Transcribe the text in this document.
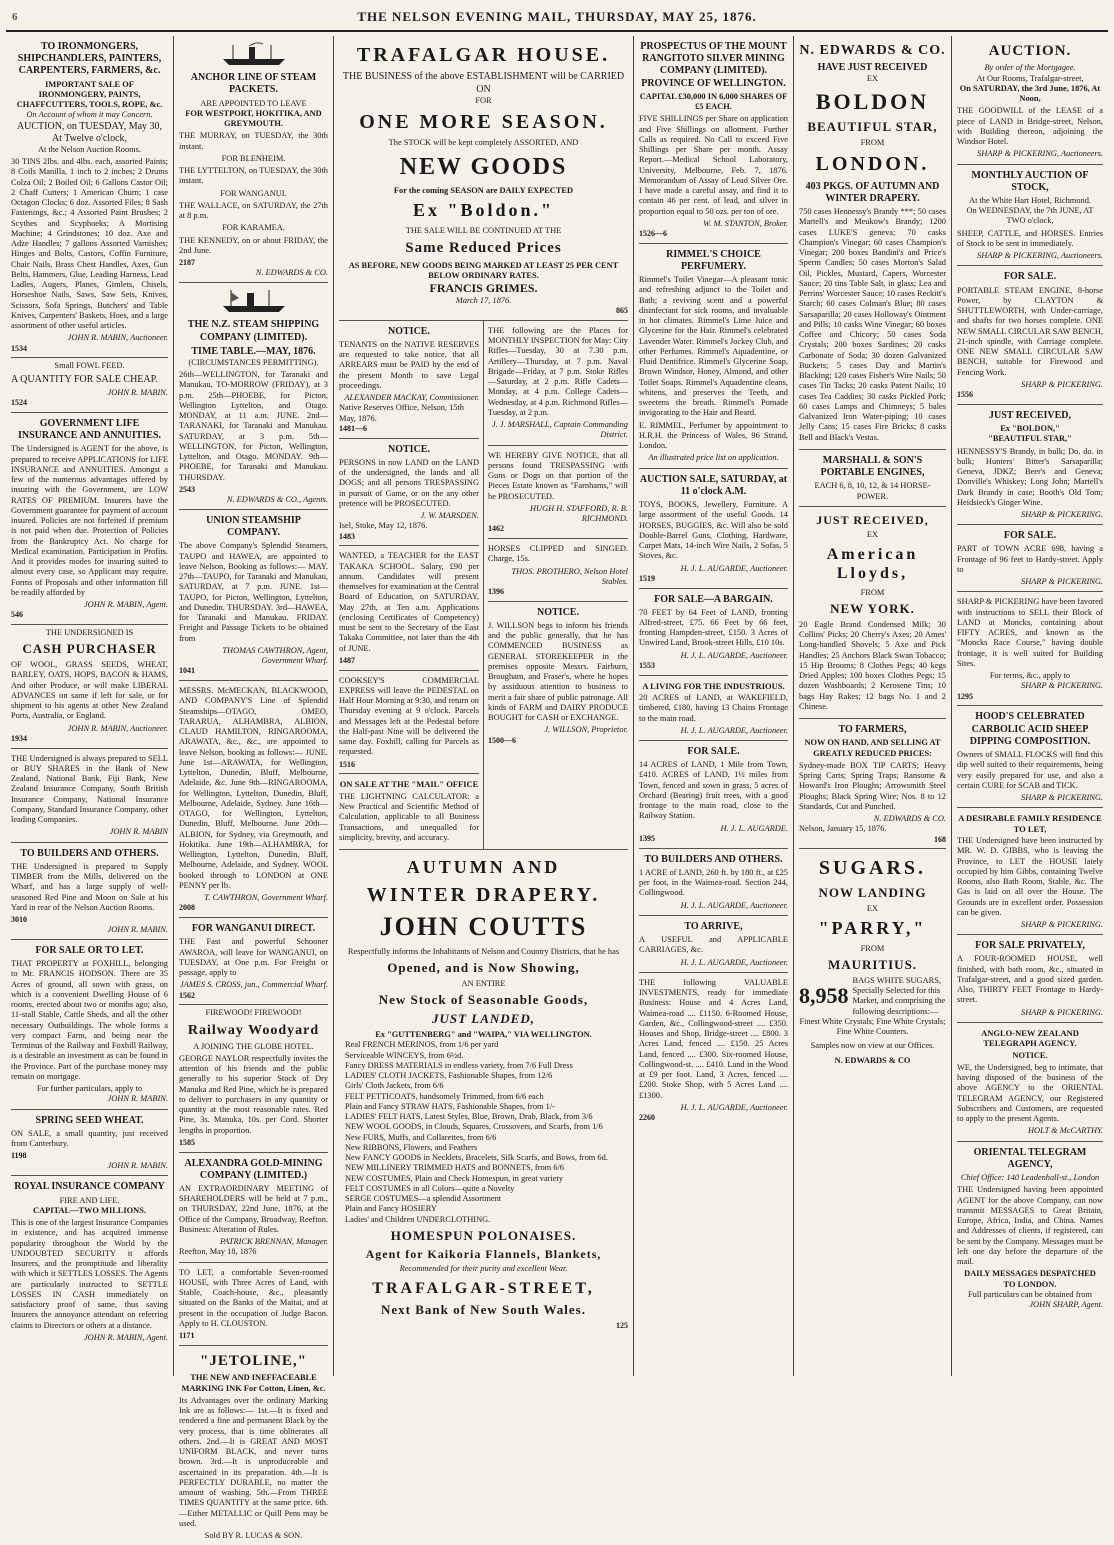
6	THE NELSON EVENING MAIL, THURSDAY, MAY 25, 1876.
TO IRONMONGERS, SHIPCHANDLERS, PAINTERS, CARPENTERS, FARMERS, &c.
IMPORTANT SALE OF IRONMONGERY, PAINTS, CHAFFCUTTERS, TOOLS, ROPE, &c.
On Account of whom it may Concern.
AUCTION, on TUESDAY, May 30, At Twelve o'clock,
At the Nelson Auction Rooms.
30 TINS 2lbs. and 4lbs. each, assorted Paints; 8 Coils Manilla, 1 inch to 2 inches; 2 Drums Colza Oil; 2 Boiled Oil; 6 Gallons Castor Oil; 2 Chaff Cutters; 1 American Churn; 1 case Octagon Clocks; 6 doz. Assorted Files; 8 Sash Fastenings, &c.; 4 Assorted Paint Brushes; 2 Scythes and Scyphoeks; A Mortising Machine; 4 Grindstones; 10 doz. Axe and Adze Handles; 7 gallons Assorted Varnishes; Hinges and Bolts, Castors, Coffin Furniture, Chair Nails, Brass Chest Handles, Axes, Gun Belts, Hammers, Glue, Leading Harness, Lead Ladles, Augers, Planes, Gimlets, Chisels, Horseshoe Nails, Saws, Saw Sets, Knives, Scissors, Sofa Springs, Butchers' and Table Knives, Carpenters' Baskets, Hoes, and a large assortment of other useful articles.
JOHN R. MABIN, Auctioneer.
1534
Small FOWL FEED.
A QUANTITY FOR SALE CHEAP.
JOHN R. MABIN.
1524
GOVERNMENT LIFE INSURANCE AND ANNUITIES.
The Undersigned is AGENT for the above, is prepared to receive APPLICATIONS for LIFE INSURANCE and ANNUITIES. Amongst a few of the numerous advantages offered by insuring with the Government, are LOW RATES OF PREMIUM. Insurers have the Government guarantee for payment of account insured. Policies are not forfeited if premium is not paid when due. Protection of Policies from the Bankruptcy Act. No charge for Medical examination. Participation in Profits. And it provides modes for insuring suited to almost every case, so Applicant may require. Forms of Proposals and other information fill be readily afforded by
JOHN R. MABIN, Agent.
546
THE UNDERSIGNED IS
CASH PURCHASER
OF WOOL, GRASS SEEDS, WHEAT, BARLEY, OATS, HOPS, BACON & HAMS, And other Produce, or will make LIBERAL ADVANCES on same if left for sale, or for shipment to his agents at other New Zealand Ports, Australia, or England.
JOHN R. MABIN, Auctioneer.
1934
THE Undersigned is always prepared to SELL or BUY SHARES in the Bank of New Zealand, National Bank, Fiji Bank, New Zealand Insurance Company, South British Insurance Company, National Insurance Company, Standard Insurance Company, other leading Companies.
JOHN R. MABIN
TO BUILDERS AND OTHERS.
THE Undersigned is prepared to Supply TIMBER from the Mills, delivered on the Wharf, and has a large supply of well-seasoned Red Pine and Moon on Sale at his Yard in rear of the Nelson Auction Rooms.
3010
JOHN R. MABIN.
FOR SALE OR TO LET.
THAT PROPERTY at FOXHILL, belonging to Mr. FRANCIS HODSON. There are 35 Acres of ground, all sown with grass, on which is a convenient Dwelling House of 6 rooms, erected about two or months ago; also, 11-stall Stable, Cattle Sheds, and all the other necessary Outbuildings. The whole forms a very compact Farm, and being near the Terminus of the Railway and Foxhill Railway, is a desirable an investment as can be found in the Province. Part of the purchase money may remain on mortgage.
For further particulars, apply to
JOHN R. MABIN.
SPRING SEED WHEAT.
ON SALE, a small quantity, just received from Canterbury.
1198
JOHN R. MABIN.
ROYAL INSURANCE COMPANY
FIRE AND LIFE.
CAPITAL—TWO MILLIONS.
This is one of the largest Insurance Companies in existence, and has acquired immense popularity throughout the World by the UNDOUBTED SECURITY it affords Insurers, and the promptitude and liberality with which it SETTLES LOSSES. The Agents are particularly instructed to SETTLE LOSSES IN CASH immediately on satisfactory proof of same, thus saving Insurers the annoyance attendant on referring claims to Directors or others at a distance.
JOHN R. MABIN, Agent.
ANCHOR LINE OF STEAM PACKETS.
ARE APPOINTED TO LEAVE
FOR WESTPORT, HOKITIKA, AND GREYMOUTH.
THE MURRAY, on TUESDAY, the 30th instant.
FOR BLENHEIM.
THE LYTTELTON, on TUESDAY, the 30th instant.
FOR WANGANUI.
THE WALLACE, on SATURDAY, the 27th at 8 p.m.
FOR KARAMEA.
THE KENNEDY, on or about FRIDAY, the 2nd June.
2187
N. EDWARDS & CO.
THE N.Z. STEAM SHIPPING COMPANY (LIMITED).
TIME TABLE.—MAY, 1876.
(CIRCUMSTANCES PERMITTING).
26th—WELLINGTON, for Taranaki and Manukau, TO-MORROW (FRIDAY), at 3 p.m. 25th—PHOEBE, for Picton, Wellington Lyttelton, and Otago. MONDAY, at 11 a.m. JUNE. 2nd—TARANAKI, for Taranaki and Manukau. SATURDAY, at 3 p.m. 5th—WELLINGTON, for Picton, Wellington, Lyttelton, and Otago. MONDAY. 9th—PHOEBE, for Taranaki and Manukau. THURSDAY.
2543
N. EDWARDS & CO., Agents.
UNION STEAMSHIP COMPANY.
The above Company's Splendid Steamers, TAUPO and HAWEA, are appointed to leave Nelson, Booking as follows:— MAY. 27th—TAUPO, for Taranaki and Manukau, SATURDAY, at 7 p.m. JUNE. 1st—TAUPO, for Picton, Wellington, Lyttelton, and Dunedin. THURSDAY. 3rd—HAWEA, for Taranaki and Manukau. FRIDAY. Freight and Passage Tickets to be obtained from
THOMAS CAWTHRON, Agent, Government Wharf.
1041
MESSRS. McMECKAN, BLACKWOOD, AND COMPANY'S Line of Splendid Steamships—OTAGO, OMEO, TARARUA, ALHAMBRA, ALBION, CLAUD HAMILTON, RINGAROOMA, ARAWATA, &c., &c., are appointed to leave Nelson, booking as follows:— JUNE. June 1st—ARAWATA, for Wellington, Lyttelton, Dunedin, Bluff, Melbourne, Adelaide, &c. June 9th—RINGAROOMA, for Wellington, Lyttelton, Dunedin, Bluff, Melbourne, Adelaide, Sydney. June 16th—OTAGO, for Wellington, Lyttelton, Dunedin, Bluff, Melbourne. June 20th—ALBION, for Sydney, via Greymouth, and Hokitika. June 19th—ALHAMBRA, for Wellington, Lyttelton, Dunedin, Bluff, Melbourne, Adelaide, and Sydney. WOOL booked through to LONDON at ONE PENNY per lb.
T. CAWTHRON, Government Wharf.
2008
FOR WANGANUI DIRECT.
THE Fast and powerful Schooner AWAROA, will leave for WANGANUI, on TUESDAY, at One p.m. For Freight or passage, apply to
JAMES S. CROSS, jun., Commercial Wharf.
1562
FIREWOOD! FIREWOOD!
Railway Woodyard
A JOINING THE GLOBE HOTEL.
GEORGE NAYLOR respectfully invites the attention of his friends and the public generally to his superior Stock of Dry Manuka and Red Pine, which he is prepared to deliver to purchasers in any quantity or quantity at the most reasonable rates. Red Pine, 3s. Manuka, 10s. per Cord. Shorter lengths in proportion.
1585
ALEXANDRA GOLD-MINING COMPANY (LIMITED.)
AN EXTRAORDINARY MEETING of SHAREHOLDERS will be held at 7 p.m., on THURSDAY, 22nd June, 1876, at the Office of the Company, Broadway, Reefton. Business: Alteration of Rules.
PATRICK BRENNAN, Manager.
Reefton, May 18, 1876
TO LET, a comfortable Seven-roomed HOUSE, with Three Acres of Land, with Stable, Coach-house, &c., pleasantly situated on the Banks of the Maitai, and at present in the occupation of Judge Bacon. Apply to H. CLOUSTON.
1171
"JETOLINE,"
THE NEW AND INEFFACEABLE MARKING INK For Cotton, Linen, &c.
Its Advantages over the ordinary Marking Ink are as follows:— 1st.—It is fixed and rendered a fine and permanent Black by the very process, that is time obliterates all others. 2nd.—It is GREAT AND MOST UNIFORM BLACK, and never turns brown. 3rd.—It is unproduceable and ascertained in its preparation. 4th.—It is PERFECTLY DURABLE, no matter the amount of washing. 5th.—From THREE TIMES QUANTITY at the same price. 6th.—Either METALLIC or Quill Pens may be used.
Sold BY R. LUCAS & SON.
TRAFALGAR HOUSE.
THE BUSINESS of the above ESTABLISHMENT will be CARRIED ON
FOR
ONE MORE SEASON.
The STOCK will be kept completely ASSORTED, AND
NEW GOODS
For the coming SEASON are DAILY EXPECTED
Ex "Boldon."
THE SALE WILL BE CONTINUED AT THE
Same Reduced Prices
AS BEFORE, NEW GOODS BEING MARKED AT LEAST 25 PER CENT BELOW ORDINARY RATES.
FRANCIS GRIMES.
March 17, 1876.
865
NOTICE.
TENANTS on the NATIVE RESERVES are requested to take notice, that all ARREARS must be PAID by the end of the present Month to save Legal proceedings.
ALEXANDER MACKAY, Commissioner.
Native Reserves Office, Nelson, 15th May, 1876.
1481—6
NOTICE.
PERSONS in now LAND on the LAND of the undersigned, the lands and all DOGS; and all persons TRESPASSING in pursuit of Game, or on the any other pretence will be PROSECUTED.
J. W. MARSDEN.
Isel, Stoke, May 12, 1876.
1483
WANTED, a TEACHER for the EAST TAKAKA SCHOOL. Salary, £90 per annum. Candidates will present themselves for examination at the Central Board of Education, on SATURDAY, May 27th, at Ten a.m. Applications (enclosing Certificates of Competency) must be sent to the Secretary of the East Takaka Committee, not later than the 4th of JUNE.
1487
COOKSEY'S COMMERCIAL EXPRESS will leave the PEDESTAL on Half Hour Morning at 9:30, and return on Thursday evening at 9 o'clock. Parcels and Messages left at the Pedestal before the Half-past Nine will be delivered the same day. Foxhill, calling for Parcels as requested.
1516
ON SALE AT THE "MAIL" OFFICE
THE LIGHTNING CALCULATOR: a New Practical and Scientific Method of Calculation, applicable to all Business Transactions, and unequalled for simplicity, brevity, and accuracy.
THE following are the Places for MONTHLY INSPECTION for May: City Rifles—Tuesday, 30 at 7.30 p.m. Artillery—Thursday, at 7 p.m. Naval Brigade—Friday, at 7 p.m. Stoke Rifles—Saturday, at 2 p.m. Rifle Cadets—Monday, at 4 p.m. College Cadets—Wednesday, at 4 p.m. Richmond Rifles—Tuesday, at 2 p.m.
J. J. MARSHALL, Captain Commanding District.
WE HEREBY GIVE NOTICE, that all persons found TRESPASSING with Guns or Dogs on that portion of the Pieces Estate known as "Farnhams," will be PROSECUTED.
HUGH H. STAFFORD, R. B. RICHMOND.
1462
HORSES CLIPPED and SINGED. Charge, 15s.
THOS. PROTHERO, Nelson Hotel Stables.
1396
NOTICE.
J. WILLSON begs to inform his friends and the public generally, that he has COMMENCED BUSINESS as GENERAL STOREKEEPER in the premises opposite Messrs. Fairburn, Brougham, and Fraser's, where he hopes by assiduous attention to business to merit a fair share of public patronage. All kinds of FARM and DAIRY PRODUCE BOUGHT for CASH or EXCHANGE.
J. WILLSON, Proprietor.
1500—6
AUTUMN AND
WINTER DRAPERY.
JOHN COUTTS
Respectfully informs the Inhabitants of Nelson and Country Districts, that he has
Opened, and is Now Showing,
AN ENTIRE
New Stock of Seasonable Goods,
JUST LANDED,
Ex "GUTTENBERG" and "WAIPA," VIA WELLINGTON.
Real FRENCH MERINOS, from 1/6 per yard
Serviceable WINCEYS, from 6½d.
Fancy DRESS MATERIALS in endless variety, from 7/6 Full Dress
LADIES' CLOTH JACKETS, Fashionable Shapes, from 12/6
Girls' Cloth Jackets, from 6/6
FELT PETTICOATS, handsomely Trimmed, from 6/6 each
Plain and Fancy STRAW HATS, Fashionable Shapes, from 1/-
LADIES' FELT HATS, Latest Styles, Blue, Brown, Drab, Black, from 3/6
NEW WOOL GOODS, in Clouds, Squares, Crossovers, and Scarfs, from 1/6
New FURS, Muffs, and Collarettes, from 6/6
New RIBBONS, Flowers, and Feathers
New FANCY GOODS in Necklets, Bracelets, Silk Scarfs, and Bows, from 6d.
NEW MILLINERY TRIMMED HATS and BONNETS, from 6/6
NEW COSTUMES, Plain and Check Homespun, in great variety
FELT COSTUMES in all Colors—quite a Novelty
SERGE COSTUMES—a splendid Assortment
Plain and Fancy HOSIERY
Ladies' and Children UNDERCLOTHING.
HOMESPUN POLONAISES.
Agent for Kaikoria Flannels, Blankets,
Recommended for their purity and excellent Wear.
TRAFALGAR-STREET,
Next Bank of New South Wales.
125
PROSPECTUS OF THE MOUNT RANGITOTO SILVER MINING COMPANY (LIMITED). PROVINCE OF WELLINGTON.
CAPITAL £30,000 IN 6,000 SHARES OF £5 EACH.
FIVE SHILLINGS per Share on application and Five Shillings on allotment. Further Calls as required. No Call to exceed Five Shillings per Share per month. Assay Report.—Medical School Laboratory, University, Melbourne, Feb. 7, 1876. Memorandum of Assay of Lead Silver Ore. I have made a careful assay, and find it to contain 46 per cent. of lead, and silver in proportion equal to 50 ozs. per ton of ore.
W. M. STANTON, Broker.
1526—6
RIMMEL'S CHOICE PERFUMERY.
Rimmel's Toilet Vinegar—A pleasant tonic and refreshing adjunct to the Toilet and Bath; a reviving scent and a powerful disinfectant for sick rooms, and invaluable in hot climates. Rimmel's Lime Juice and Glycerine for the Hair. Rimmel's celebrated Lavender Water. Rimmel's Jockey Club, and other Perfumes. Rimmel's Aquadentine, or Fluid Dentifrice. Rimmel's Glycerine Soap, Brown Windsor, Honey, Almond, and other Toilet Soaps. Rimmel's Aquadentine cleans, whitens, and preserves the Teeth, and sweetens the breath. Rimmel's Pomade invigorating to the Hair and Beard.
E. RIMMEL, Perfumer by appointment to H.R.H. the Princess of Wales, 96 Strand, London.
An illustrated price list on application.
AUCTION SALE, SATURDAY, at 11 o'clock A.M.
TOYS, BOOKS, Jewellery, Furniture. A large assortment of the useful Goods. 14 HORSES, BUGGIES, &c. Will also be sold Double-Barrel Guns, Clothing, Hardware, Carpet Mats, 14-inch Wire Nails, 2 Sofas, 5 Stoves, &c.
H. J. L. AUGARDE, Auctioneer.
1519
FOR SALE—A BARGAIN.
70 FEET by 64 Feet of LAND, fronting Alfred-street, £75. 66 Feet by 66 feet, fronting Hampden-street, £150. 3 Acres of Unwired Land, Brook-street Hills, £10 10s.
H. J. L. AUGARDE, Auctioneer.
1553
A LIVING FOR THE INDUSTRIOUS.
20 ACRES of LAND, at WAKEFIELD, timbered, £180, having 13 Chains Frontage to the main road.
H. J. L. AUGARDE, Auctioneer.
FOR SALE.
14 ACRES of LAND, 1 Mile from Town, £410. ACRES of LAND, 1½ miles from Town, fenced and sown in grass, 5 acres of Orchard (Bearing) fruit trees, with a good frontage to the main road, close to the Railway Station.
H. J. L. AUGARDE.
1395
TO BUILDERS AND OTHERS.
1 ACRE of LAND, 260 ft. by 180 ft., at £25 per foot, in the Waimea-road. Section 244, Collingwood.
H. J. L. AUGARDE, Auctioneer.
TO ARRIVE,
A USEFUL and APPLICABLE CARRIAGES, &c.
H. J. L. AUGARDE, Auctioneer.
THE following VALUABLE INVESTMENTS, ready for immediate Business: House and 4 Acres Land, Waimea-road .... £1150. 6-Roomed House, Garden, &c., Collingwood-street .... £350. Houses and Shop, Bridge-street .... £800. 3 Acres Land, fenced .... £150. 25 Acres Land, fenced .... £300. Six-roomed House, Collingwood-st. .... £410. Land in the Wood at £9 per foot. Land, 3 Acres, fenced .... £200. Stoke Shop, with 5 Acres Land .... £1300.
H. J. L. AUGARDE, Auctioneer.
2260
N. EDWARDS & CO.
HAVE JUST RECEIVED
EX
BOLDON
BEAUTIFUL STAR,
FROM
LONDON.
403 PKGS. OF AUTUMN AND WINTER DRAPERY.
750 cases Hennessy's Brandy ***; 50 cases Martell's and Meukow's Brandy; 1200 cases LUKE'S geneva; 70 casks Champion's Vinegar; 60 cases Champion's Vinegar; 200 boxes Bandini's and Price's Sperm Candles; 50 cases Morton's Salad Oil, Pickles, Mustard, Capers, Worcester Sauce; 20 tins Table Salt, in glass; Lea and Perrins' Worcester Sauce; 10 cases Reckitt's Starch; 60 cases Colman's Blue; 80 cases Sarsaparilla; 20 cases Holloway's Ointment and Pills; 10 casks Wine Vinegar; 60 boxes Coffee and Chicory; 50 cases Soda Crystals; 200 boxes Sardines; 20 casks Carbonate of Soda; 30 dozen Galvanized Buckets; 5 cases Day and Martin's Blacking; 120 cases Fisher's Wire Nails; 50 cases Tin Tacks; 20 casks Patent Nails; 10 cases Tea Caddies; 30 casks Pickled Pork; 60 cases Lamps and Chimneys; 5 bales Galvanized Iron Water-piping; 10 cases Jelly Cans; 15 cases Fire Bricks; 8 casks Bell and Black's Vestas.
MARSHALL & SON'S PORTABLE ENGINES,
EACH 6, 8, 10, 12, & 14 HORSE-POWER.
JUST RECEIVED,
EX
American Lloyds,
FROM
NEW YORK.
20 Eagle Brand Condensed Milk; 30 Collins' Picks; 20 Cherry's Axes; 20 Ames' Long-handled Shovels; 5 Axe and Pick Handles; 25 Anchors Black Swan Tobacco; 15 Hip Brooms; 8 Clothes Pegs; 40 kegs Dried Apples; 100 boxes Clothes Pegs; 15 dozen Washboards; 2 Kerosene Tins; 10 bags Hay Rakes; 12 bags No. 1 and 2 Chinese.
TO FARMERS,
NOW ON HAND, AND SELLING AT GREATLY REDUCED PRICES:
Sydney-made BOX TIP CARTS; Heavy Spring Carts; Spring Traps; Ransome & Howard's Iron Ploughs; Arrowsmith Steel Ploughs; Black Spring Wire; Nos. 8 to 12 Standards, Cut and Punched.
N. EDWARDS & CO.
Nelson, January 15, 1876.
168
SUGARS.
NOW LANDING
EX
"PARRY,"
FROM
MAURITIUS.
8,958
BAGS WHITE SUGARS, Specially Selected for this Market, and comprising the following descriptions:—
Finest White Crystals; Fine White Crystals; Fine White Counters.
Samples now on view at our Offices.
N. EDWARDS & CO
AUCTION.
By order of the Mortgagee.
At Our Rooms, Trafalgar-street,
On SATURDAY, the 3rd June, 1876, At Noon,
THE GOODWILL of the LEASE of a piece of LAND in Bridge-street, Nelson, with Building thereon, adjoining the Windsor Hotel.
SHARP & PICKERING, Auctioneers.
MONTHLY AUCTION OF STOCK,
At the White Hart Hotel, Richmond.
On WEDNESDAY, the 7th JUNE, AT TWO o'clock,
SHEEP, CATTLE, and HORSES. Entries of Stock to be sent in immediately.
SHARP & PICKERING, Auctioneers.
FOR SALE.
PORTABLE STEAM ENGINE, 8-horse Power, by CLAYTON & SHUTTLEWORTH, with Under-carriage, and shafts for two horses complete. ONE NEW SMALL CIRCULAR SAW BENCH, 21-inch spindle, with Carriage complete. ONE NEW SMALL CIRCULAR SAW BENCH, suitable for Firewood and Fencing Work.
SHARP & PICKERING.
1556
JUST RECEIVED,
Ex "BOLDON,"
"BEAUTIFUL STAR,"
HENNESSY'S Brandy, in bulk; Do. do. in bulk; Hunters' Bitter's Sarsaparilla; Geneva, JDKZ; Beer's and Geneva; Donville's Whiskey; Long John; Martell's Dark Brandy in case; Booth's Old Tom; Heidsieck's Ginger Wine.
SHARP & PICKERING.
FOR SALE.
PART of TOWN ACRE 698, having a Frontage of 96 feet to Hardy-street. Apply to
SHARP & PICKERING.
SHARP & PICKERING have been favored with instructions to SELL their Block of LAND at Moncks, containing about FIFTY ACRES, and known as the "Moncks Race Course," having double frontage, it is well suited for Building Sites.
For terms, &c., apply to
SHARP & PICKERING.
1295
HOOD'S CELEBRATED CARBOLIC ACID SHEEP DIPPING COMPOSITION.
Owners of SMALL FLOCKS will find this dip well suited to their requirements, being very easily prepared for use, and also a certain CURE for SCAB and TICK.
SHARP & PICKERING.
A DESIRABLE FAMILY RESIDENCE TO LET,
THE Undersigned have been instructed by MR. W. D. GIBBS, who is leaving the Province, to LET the HOUSE lately occupied by him Gibbs, containing Twelve Rooms, also Bath Room, Stable, &c. The Gas is laid on all over the House. The Grounds are in excellent order. Possession can be given.
SHARP & PICKERING.
FOR SALE PRIVATELY,
A FOUR-ROOMED HOUSE, well finished, with bath room, &c., situated in Trafalgar-street, and a good sized garden. Also, THIRTY FEET Frontage to Hardy-street.
SHARP & PICKERING.
ANGLO-NEW ZEALAND TELEGRAPH AGENCY.
NOTICE.
WE, the Undersigned, beg to intimate, that having disposed of the business of the above AGENCY to the ORIENTAL TELEGRAM AGENCY, our Registered Subscribers and Customers, are requested to apply to the present Agents.
HOLT & McCARTHY.
ORIENTAL TELEGRAM AGENCY,
Chief Office: 140 Leadenhall-st., London
THE Undersigned having been appointed AGENT for the above Company, can now transmit MESSAGES to Great Britain, Europe, Africa, India, and China. Names and Addresses of clients, if registered, can be sent by the Company. Messages must be left one day before the departure of the mail.
DAILY MESSAGES DESPATCHED
TO LONDON.
Full particulars can be obtained from
JOHN SHARP, Agent.
